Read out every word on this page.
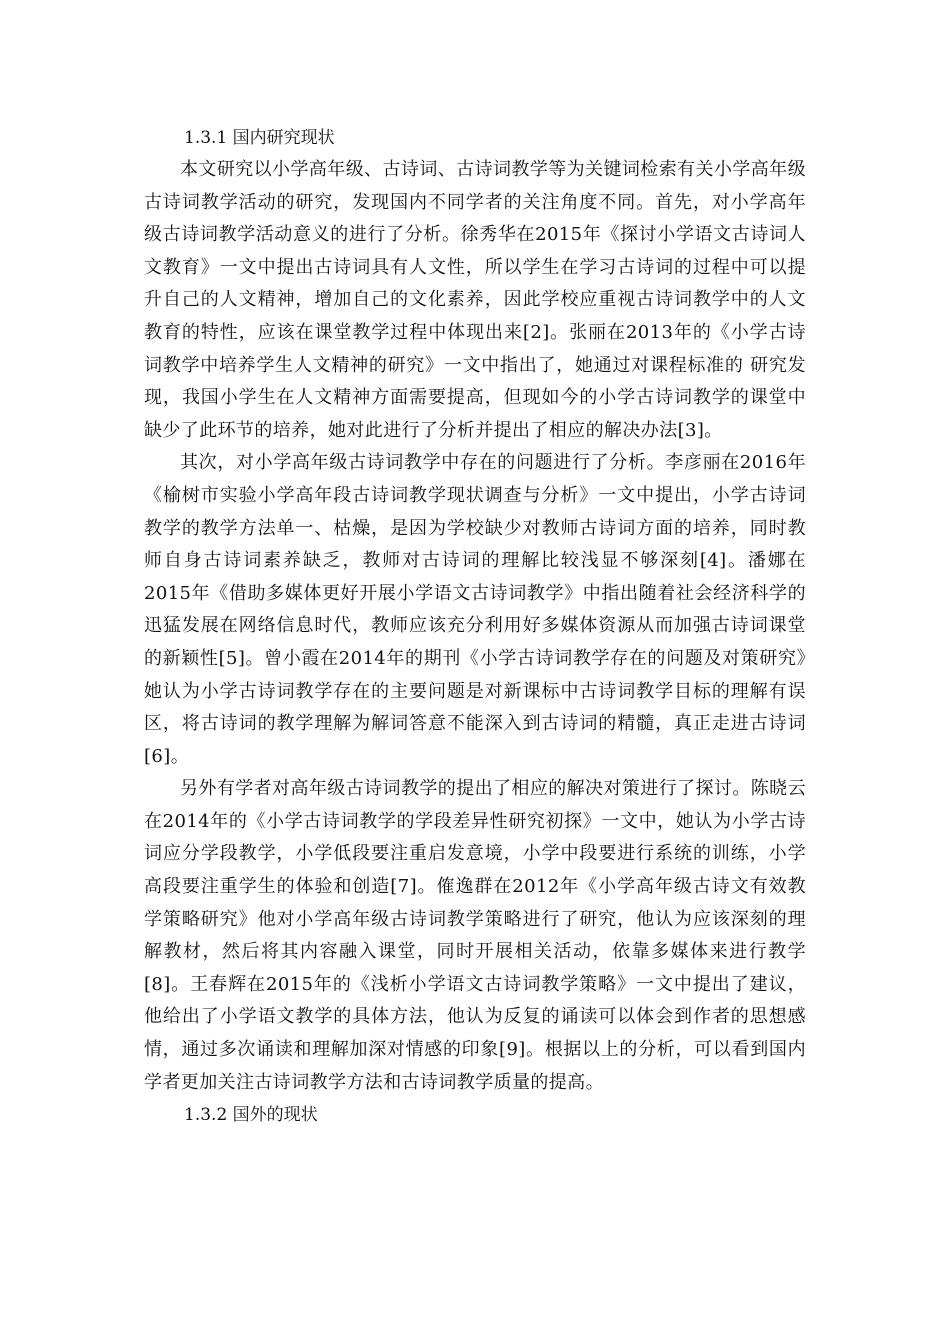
1.3.1 国内研究现状

本文研究以小学高年级、古诗词、古诗词教学等为关键词检索有关小学高年级古诗词教学活动的研究，发现国内不同学者的关注角度不同。首先，对小学高年级古诗词教学活动意义的进行了分析。徐秀华在2015年《探讨小学语文古诗词人文教育》一文中提出古诗词具有人文性，所以学生在学习古诗词的过程中可以提升自己的人文精神，增加自己的文化素养，因此学校应重视古诗词教学中的人文教育的特性，应该在课堂教学过程中体现出来[2]。张丽在2013年的《小学古诗词教学中培养学生人文精神的研究》一文中指出了，她通过对课程标准的 研究发现，我国小学生在人文精神方面需要提高，但现如今的小学古诗词教学的课堂中缺少了此环节的培养，她对此进行了分析并提出了相应的解决办法[3]。

其次，对小学高年级古诗词教学中存在的问题进行了分析。李彦丽在2016年《榆树市实验小学高年段古诗词教学现状调查与分析》一文中提出，小学古诗词教学的教学方法单一、枯燥，是因为学校缺少对教师古诗词方面的培养，同时教师自身古诗词素养缺乏，教师对古诗词的理解比较浅显不够深刻[4]。潘娜在2015年《借助多媒体更好开展小学语文古诗词教学》中指出随着社会经济科学的迅猛发展在网络信息时代，教师应该充分利用好多媒体资源从而加强古诗词课堂的新颖性[5]。曾小霞在2014年的期刊《小学古诗词教学存在的问题及对策研究》她认为小学古诗词教学存在的主要问题是对新课标中古诗词教学目标的理解有误区，将古诗词的教学理解为解词答意不能深入到古诗词的精髓，真正走进古诗词[6]。

另外有学者对高年级古诗词教学的提出了相应的解决对策进行了探讨。陈晓云在2014年的《小学古诗词教学的学段差异性研究初探》一文中，她认为小学古诗词应分学段教学，小学低段要注重启发意境，小学中段要进行系统的训练，小学高段要注重学生的体验和创造[7]。傕逸群在2012年《小学高年级古诗文有效教学策略研究》他对小学高年级古诗词教学策略进行了研究，他认为应该深刻的理解教材，然后将其内容融入课堂，同时开展相关活动，依靠多媒体来进行教学[8]。王春辉在2015年的《浅析小学语文古诗词教学策略》一文中提出了建议，他给出了小学语文教学的具体方法，他认为反复的诵读可以体会到作者的思想感情，通过多次诵读和理解加深对情感的印象[9]。根据以上的分析，可以看到国内学者更加关注古诗词教学方法和古诗词教学质量的提高。

1.3.2 国外的现状
